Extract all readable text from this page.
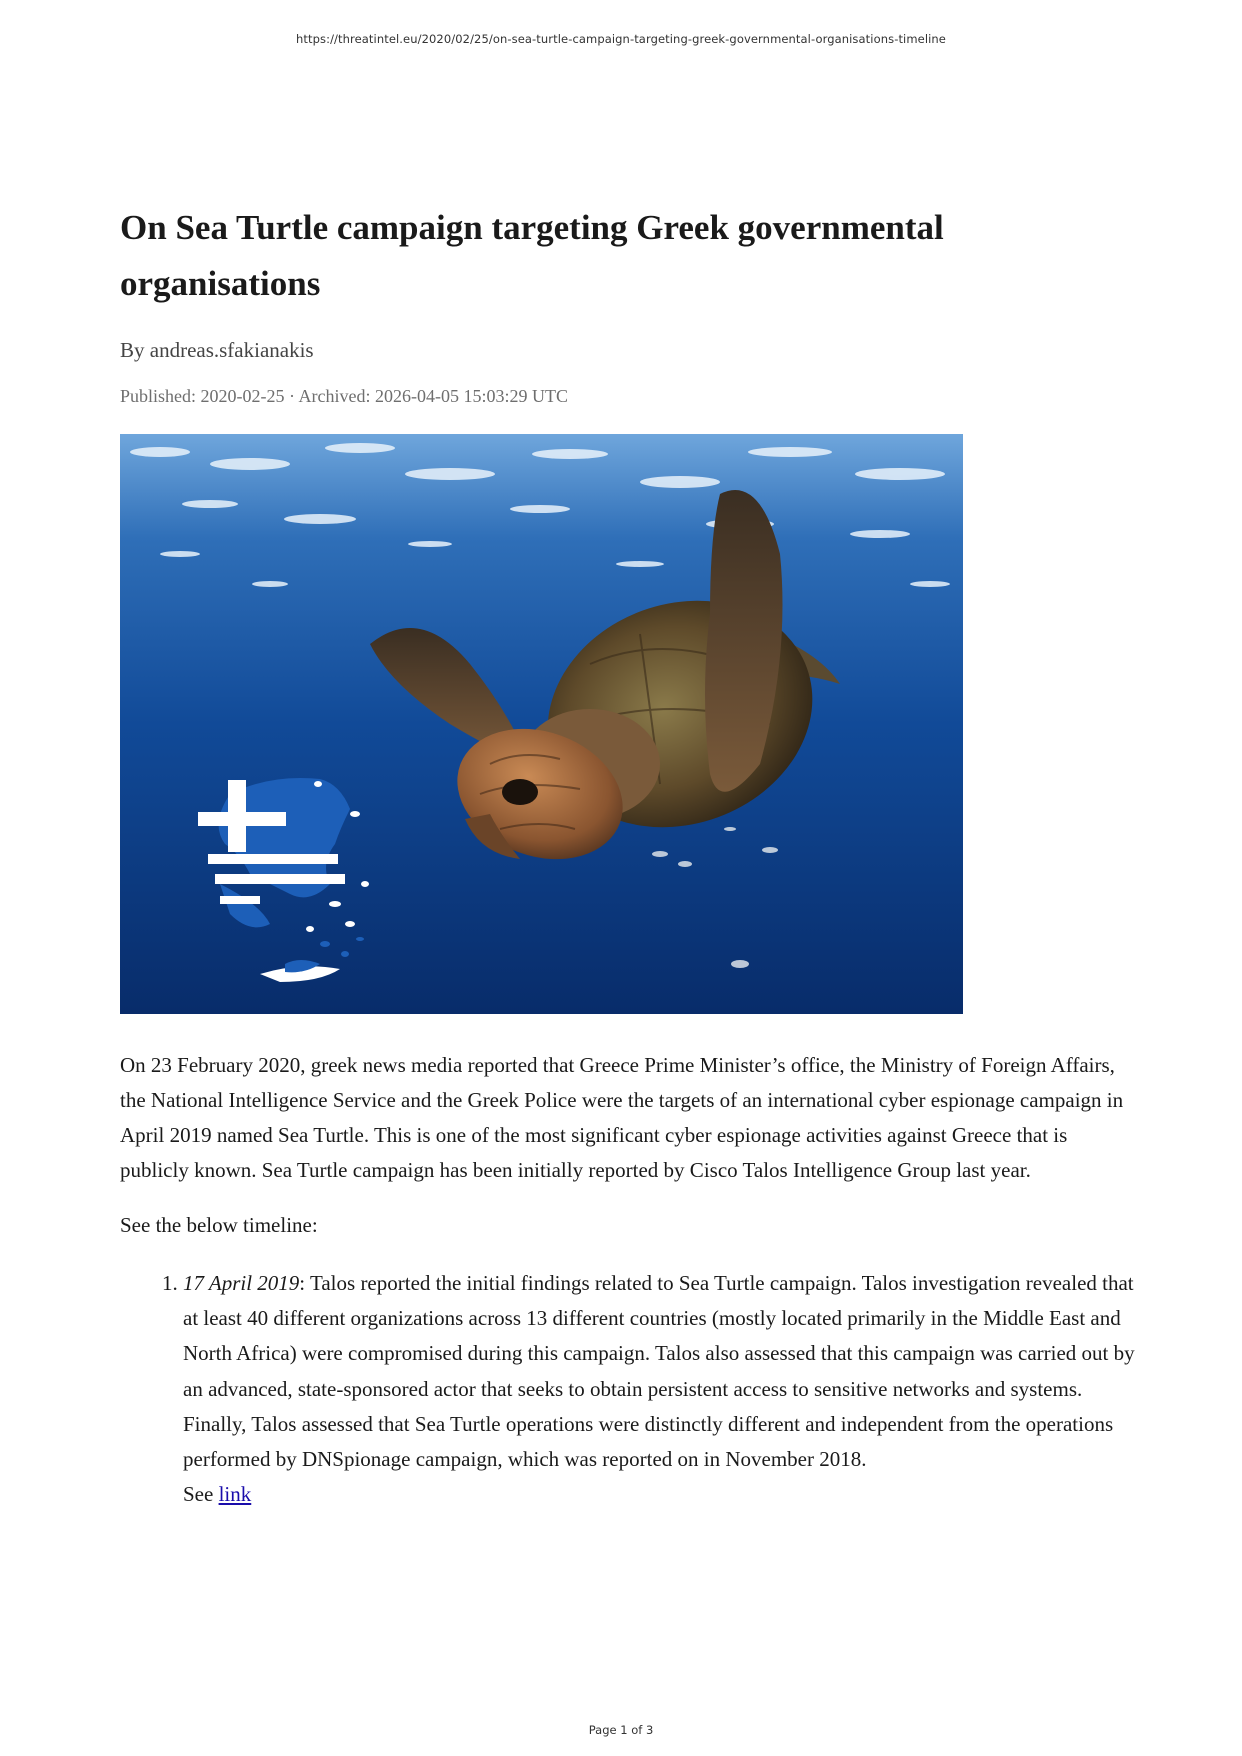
https://threatintel.eu/2020/02/25/on-sea-turtle-campaign-targeting-greek-governmental-organisations-timeline
On Sea Turtle campaign targeting Greek governmental organisations
By andreas.sfakianakis
Published: 2020-02-25 · Archived: 2026-04-05 15:03:29 UTC

On 23 February 2020, greek news media reported that Greece Prime Minister’s office, the Ministry of Foreign Affairs, the National Intelligence Service and the Greek Police were the targets of an international cyber espionage campaign in April 2019 named Sea Turtle. This is one of the most significant cyber espionage activities against Greece that is publicly known. Sea Turtle campaign has been initially reported by Cisco Talos Intelligence Group last year.

See the below timeline:

1. 17 April 2019: Talos reported the initial findings related to Sea Turtle campaign. Talos investigation revealed that at least 40 different organizations across 13 different countries (mostly located primarily in the Middle East and North Africa) were compromised during this campaign. Talos also assessed that this campaign was carried out by an advanced, state-sponsored actor that seeks to obtain persistent access to sensitive networks and systems. Finally, Talos assessed that Sea Turtle operations were distinctly different and independent from the operations performed by DNSpionage campaign, which was reported on in November 2018.
See link
Page 1 of 3
